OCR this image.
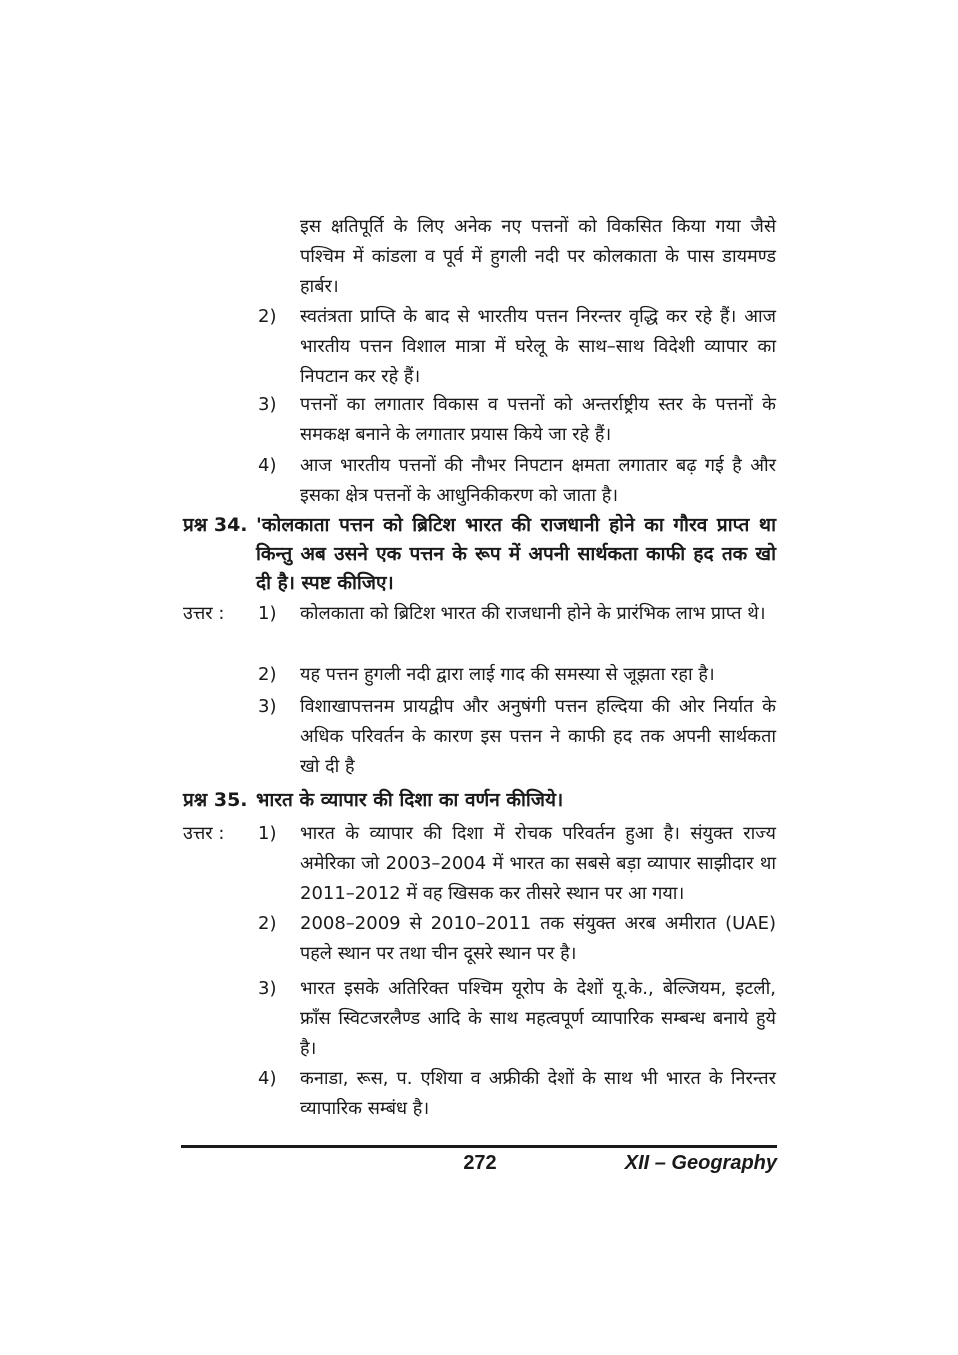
इस क्षतिपूर्ति के लिए अनेक नए पत्तनों को विकसित किया गया जैसे पश्चिम में कांडला व पूर्व में हुगली नदी पर कोलकाता के पास डायमण्ड हार्बर।
2)	स्वतंत्रता प्राप्ति के बाद से भारतीय पत्तन निरन्तर वृद्धि कर रहे हैं। आज भारतीय पत्तन विशाल मात्रा में घरेलू के साथ–साथ विदेशी व्यापार का निपटान कर रहे हैं।
3)	पत्तनों का लगातार विकास व पत्तनों को अन्तर्राष्ट्रीय स्तर के पत्तनों के समकक्ष बनाने के लगातार प्रयास किये जा रहे हैं।
4)	आज भारतीय पत्तनों की नौभर निपटान क्षमता लगातार बढ़ गई है और इसका क्षेत्र पत्तनों के आधुनिकीकरण को जाता है।
प्रश्न 34. 'कोलकाता पत्तन को ब्रिटिश भारत की राजधानी होने का गौरव प्राप्त था किन्तु अब उसने एक पत्तन के रूप में अपनी सार्थकता काफी हद तक खो दी है। स्पष्ट कीजिए।
उत्तर : 1)	कोलकाता को ब्रिटिश भारत की राजधानी होने के प्रारंभिक लाभ प्राप्त थे।
2)	यह पत्तन हुगली नदी द्वारा लाई गाद की समस्या से जूझता रहा है।
3)	विशाखापत्तनम प्रायद्वीप और अनुषंगी पत्तन हल्दिया की ओर निर्यात के अधिक परिवर्तन के कारण इस पत्तन ने काफी हद तक अपनी सार्थकता खो दी है
प्रश्न 35. भारत के व्यापार की दिशा का वर्णन कीजिये।
उत्तर : 1)	भारत के व्यापार की दिशा में रोचक परिवर्तन हुआ है। संयुक्त राज्य अमेरिका जो 2003–2004 में भारत का सबसे बड़ा व्यापार साझीदार था 2011–2012 में वह खिसक कर तीसरे स्थान पर आ गया।
2)	2008–2009 से 2010–2011 तक संयुक्त अरब अमीरात (UAE) पहले स्थान पर तथा चीन दूसरे स्थान पर है।
3)	भारत इसके अतिरिक्त पश्चिम यूरोप के देशों यू.के., बेल्जियम, इटली, फ्राँस स्विटजरलैण्ड आदि के साथ महत्वपूर्ण व्यापारिक सम्बन्ध बनाये हुये है।
4)	कनाडा, रूस, प. एशिया व अफ्रीकी देशों के साथ भी भारत के निरन्तर व्यापारिक सम्बंध है।
272	XII – Geography
